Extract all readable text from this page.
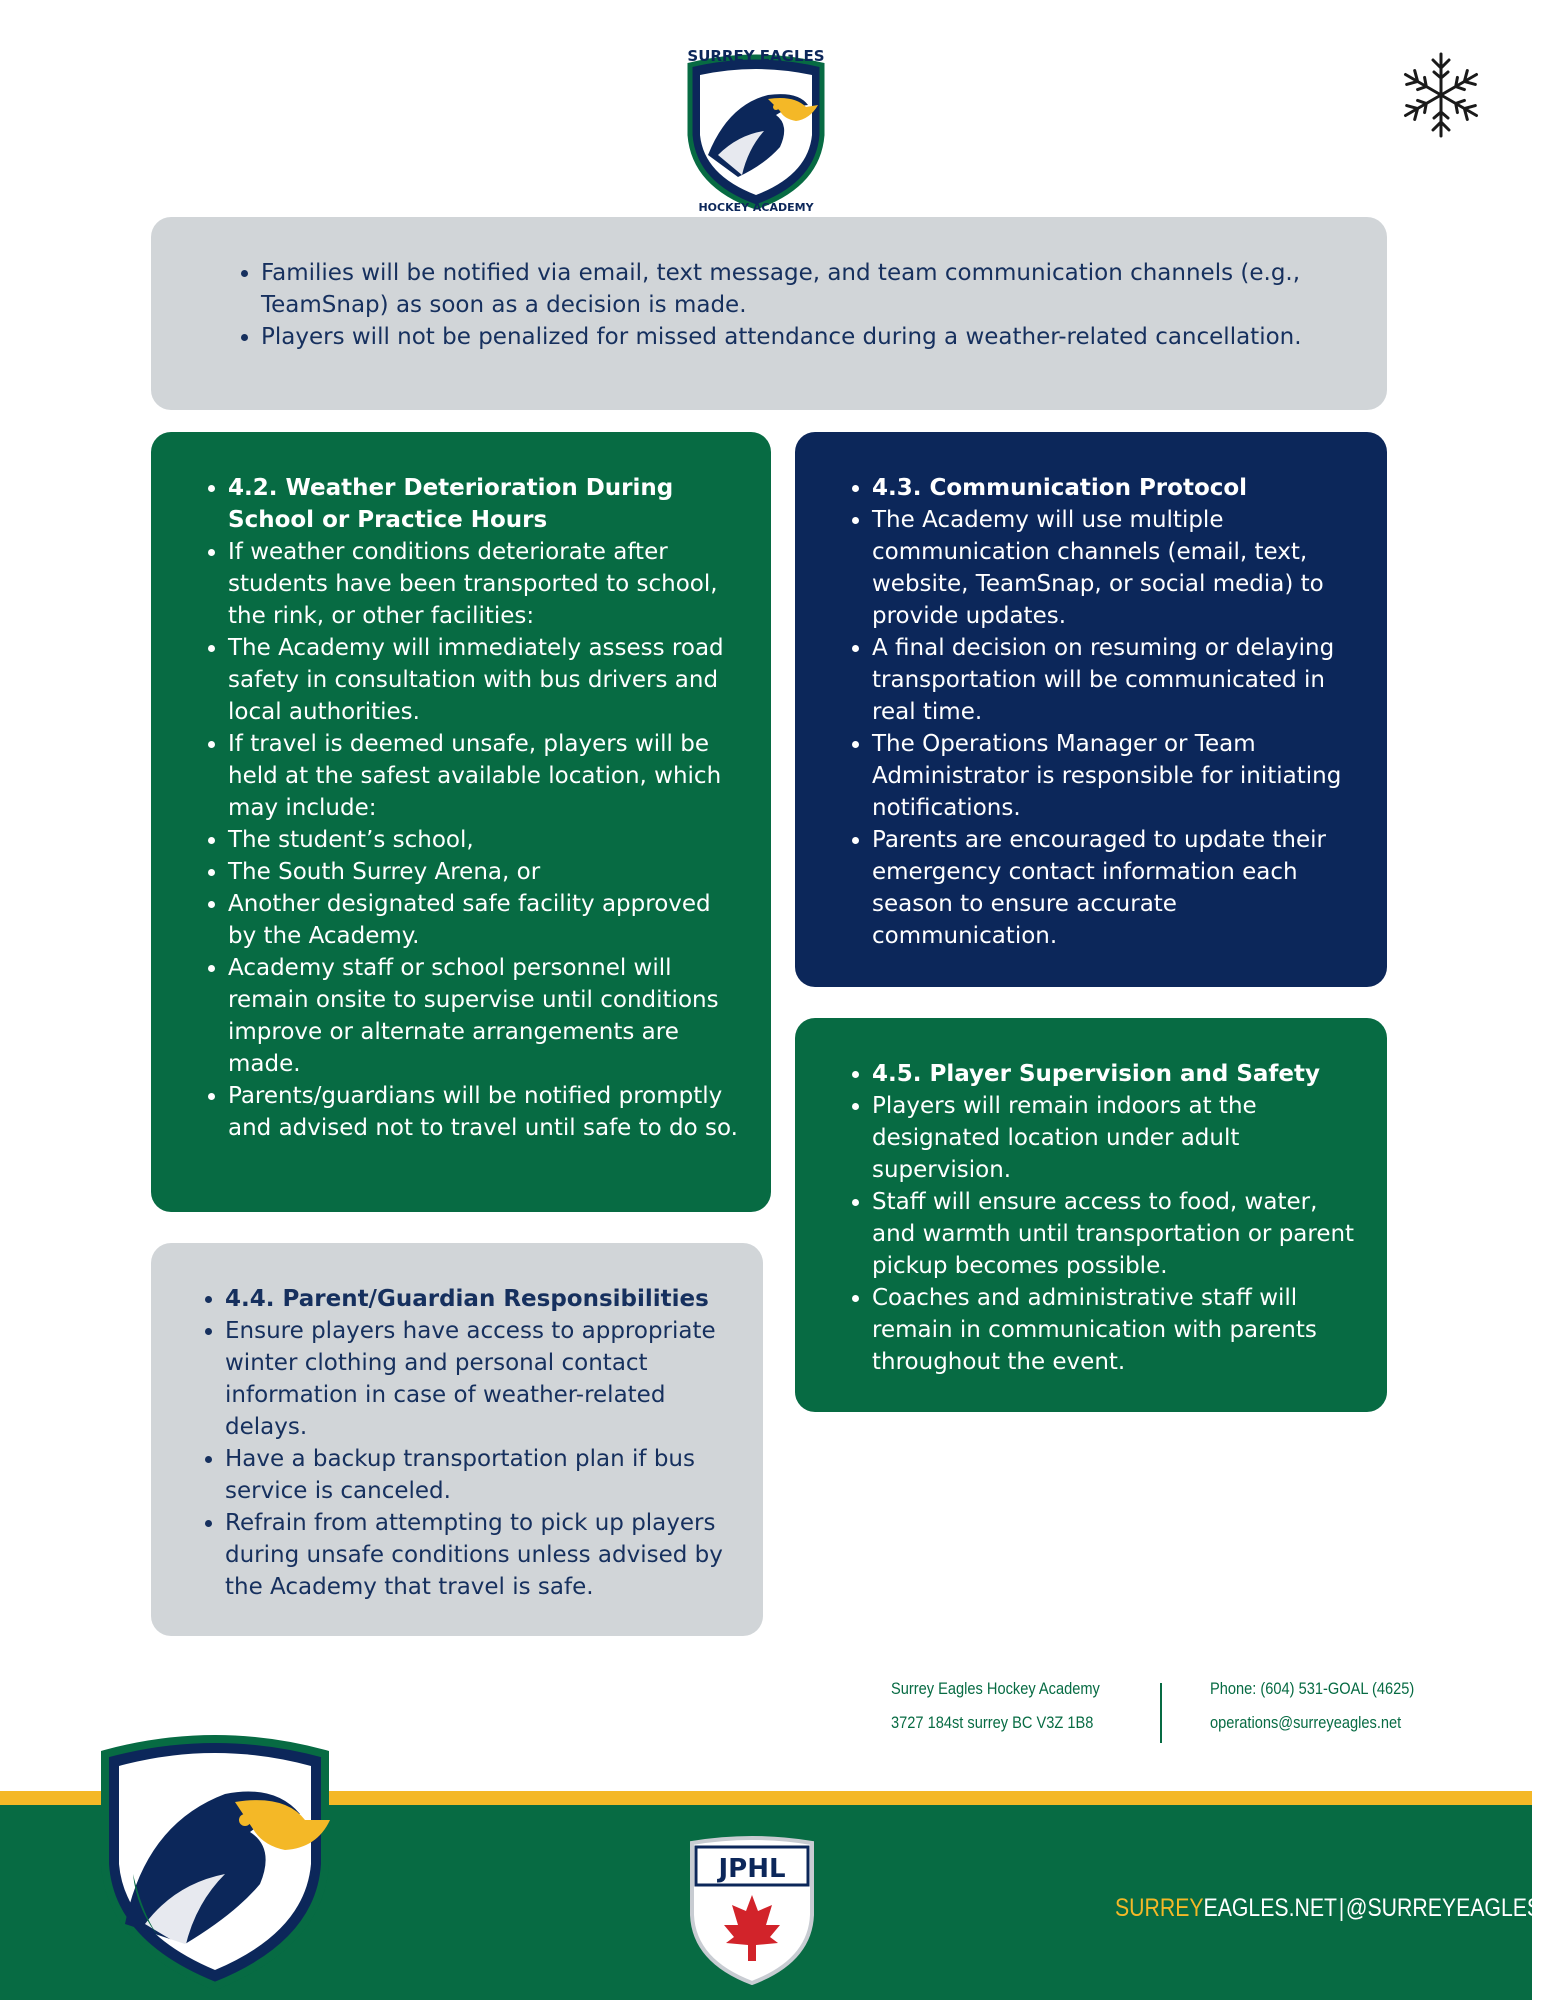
SURREY EAGLES
HOCKEY ACADEMY
• Families will be notified via email, text message, and team communication channels (e.g., TeamSnap) as soon as a decision is made.
• Players will not be penalized for missed attendance during a weather-related cancellation.
• 4.2. Weather Deterioration During School or Practice Hours
• If weather conditions deteriorate after students have been transported to school, the rink, or other facilities:
• The Academy will immediately assess road safety in consultation with bus drivers and local authorities.
• If travel is deemed unsafe, players will be held at the safest available location, which may include:
• The student’s school,
• The South Surrey Arena, or
• Another designated safe facility approved by the Academy.
• Academy staff or school personnel will remain onsite to supervise until conditions improve or alternate arrangements are made.
• Parents/guardians will be notified promptly and advised not to travel until safe to do so.
• 4.3. Communication Protocol
• The Academy will use multiple communication channels (email, text, website, TeamSnap, or social media) to provide updates.
• A final decision on resuming or delaying transportation will be communicated in real time.
• The Operations Manager or Team Administrator is responsible for initiating notifications.
• Parents are encouraged to update their emergency contact information each season to ensure accurate communication.
• 4.5. Player Supervision and Safety
• Players will remain indoors at the designated location under adult supervision.
• Staff will ensure access to food, water, and warmth until transportation or parent pickup becomes possible.
• Coaches and administrative staff will remain in communication with parents throughout the event.
• 4.4. Parent/Guardian Responsibilities
• Ensure players have access to appropriate winter clothing and personal contact information in case of weather-related delays.
• Have a backup transportation plan if bus service is canceled.
• Refrain from attempting to pick up players during unsafe conditions unless advised by the Academy that travel is safe.
Surrey Eagles Hockey Academy
3727 184st surrey BC V3Z 1B8
Phone: (604) 531-GOAL (4625)
operations@surreyeagles.net
JPHL
SURREYEAGLES.NET|@SURREYEAGLES
